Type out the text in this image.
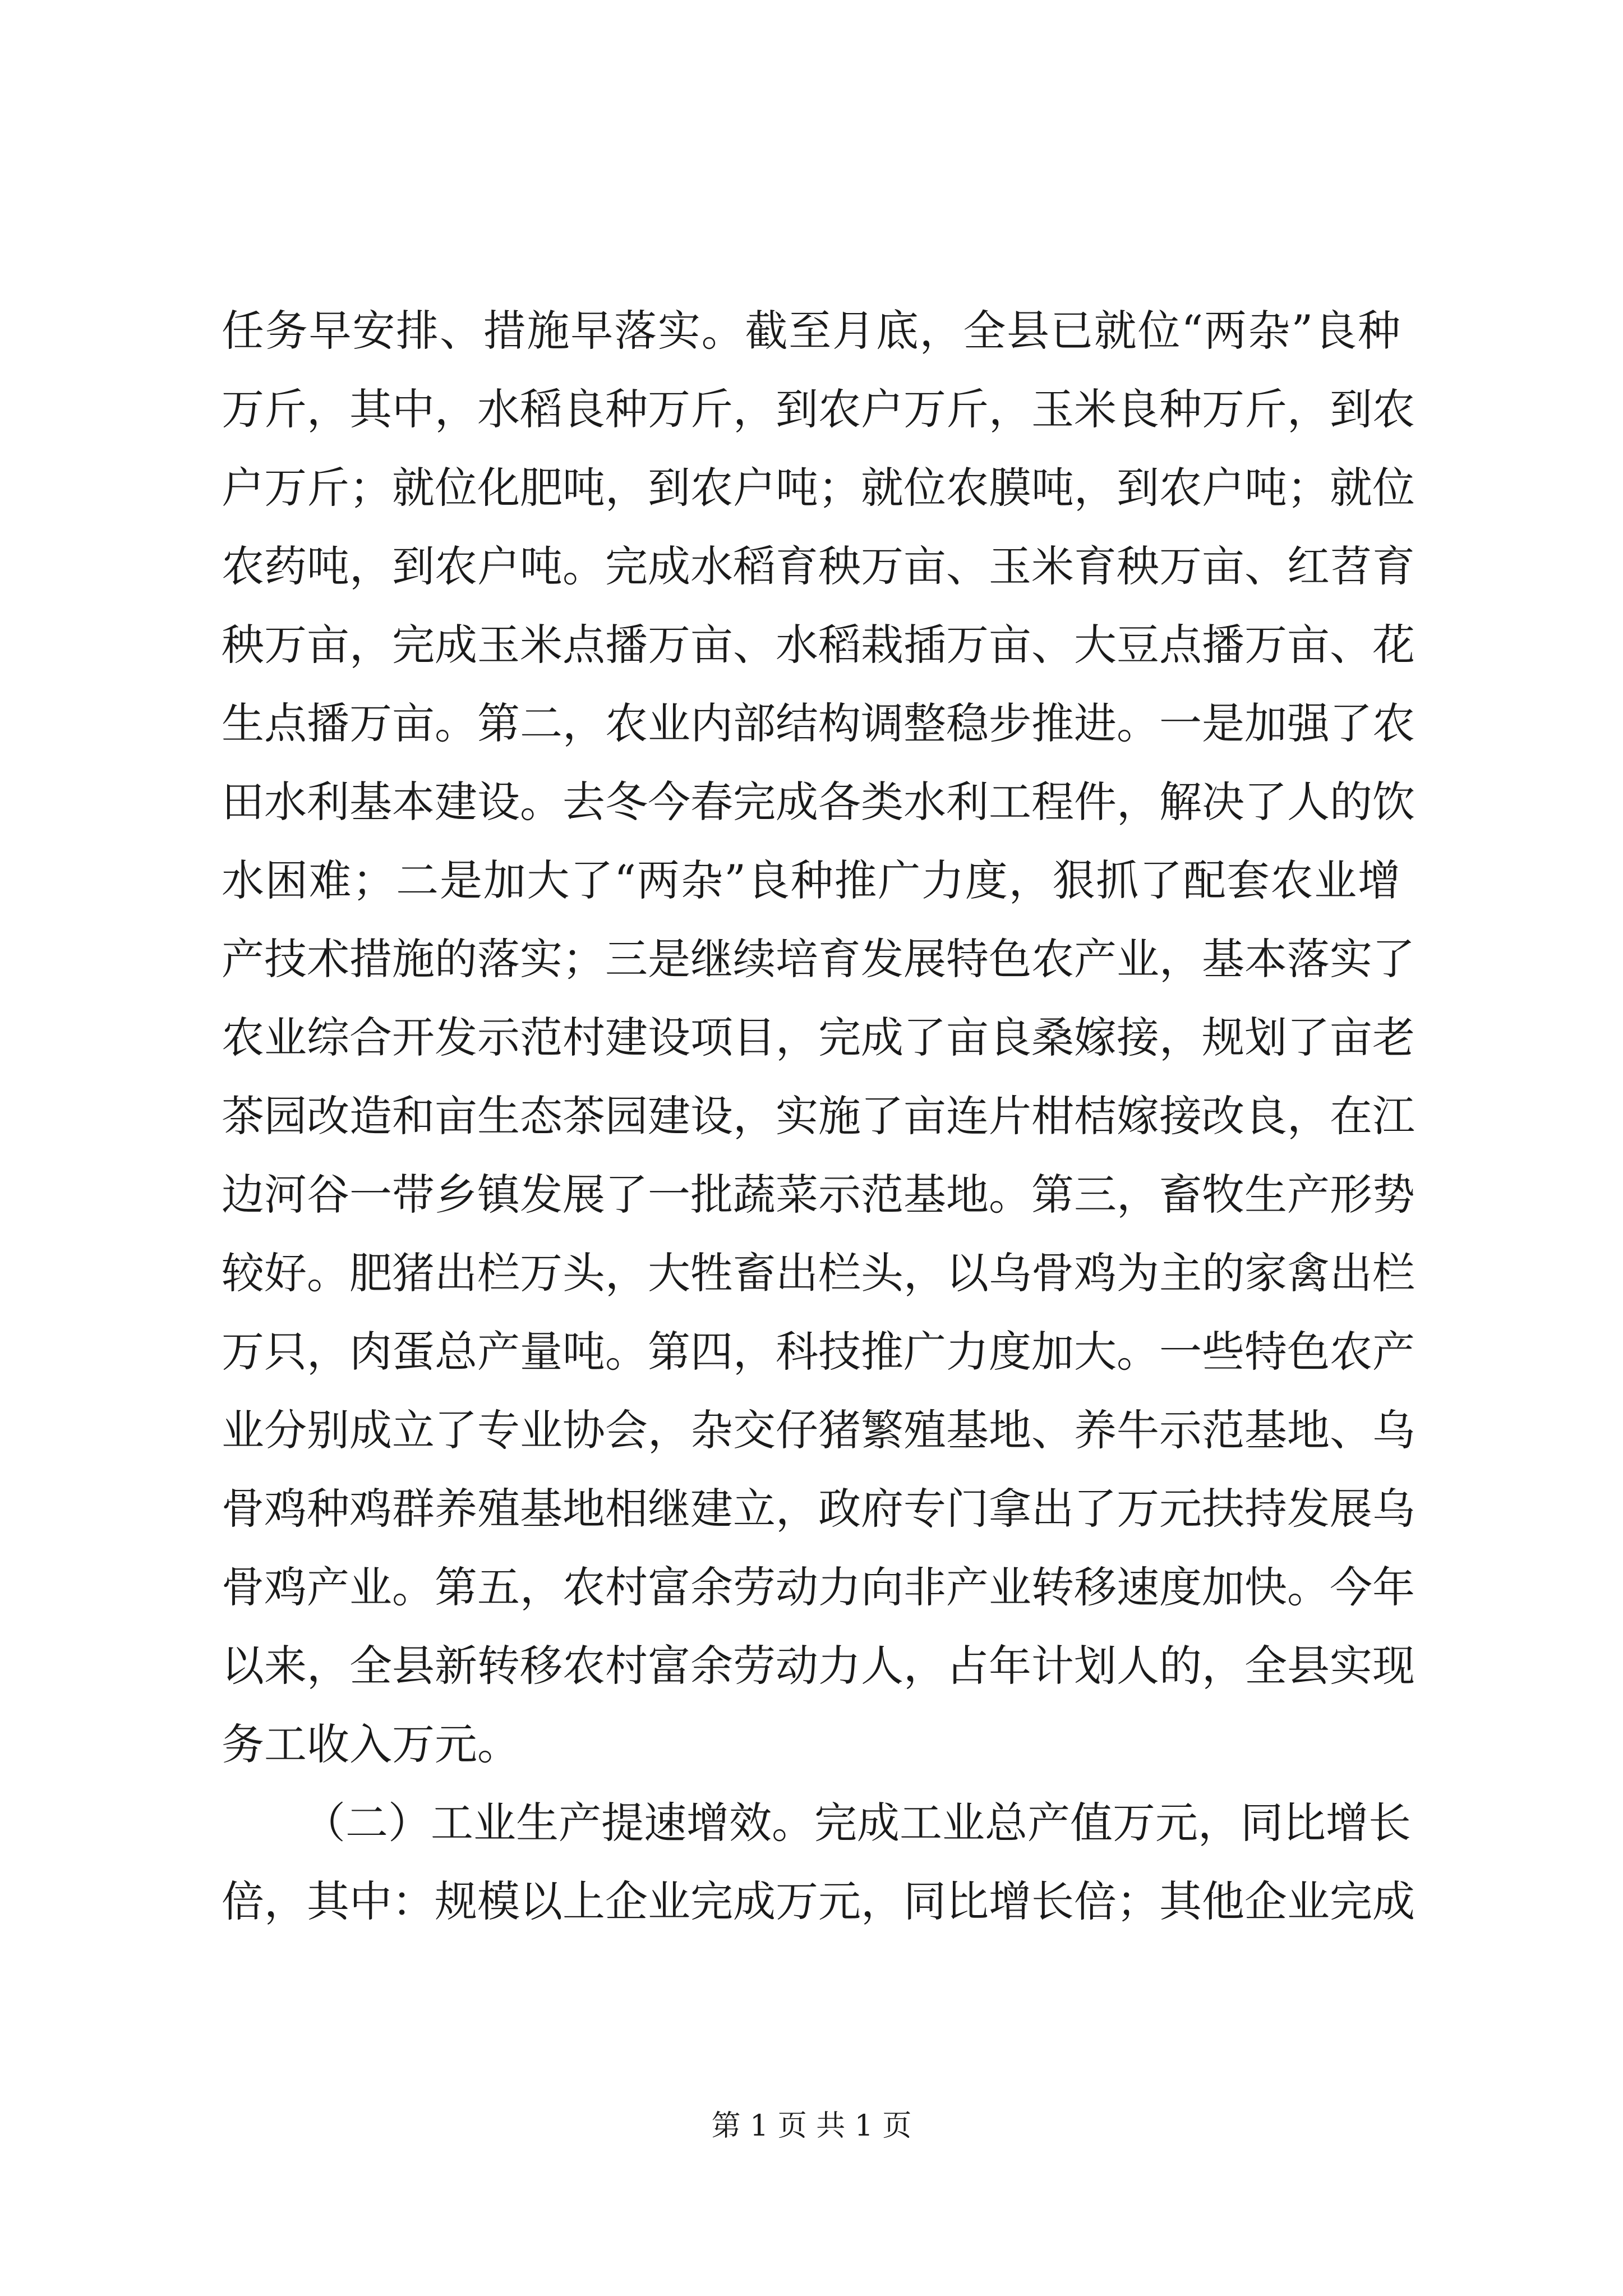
任务早安排、措施早落实。截至月底，全县已就位“两杂”良种

万斤，其中，水稻良种万斤，到农户万斤，玉米良种万斤，到农

户万斤；就位化肥吨，到农户吨；就位农膜吨，到农户吨；就位

农药吨，到农户吨。完成水稻育秧万亩、玉米育秧万亩、红苕育

秧万亩，完成玉米点播万亩、水稻栽插万亩、大豆点播万亩、花

生点播万亩。第二，农业内部结构调整稳步推进。一是加强了农

田水利基本建设。去冬今春完成各类水利工程件，解决了人的饮

水困难；二是加大了“两杂”良种推广力度，狠抓了配套农业增

产技术措施的落实；三是继续培育发展特色农产业，基本落实了

农业综合开发示范村建设项目，完成了亩良桑嫁接，规划了亩老

茶园改造和亩生态茶园建设，实施了亩连片柑桔嫁接改良，在江

边河谷一带乡镇发展了一批蔬菜示范基地。第三，畜牧生产形势

较好。肥猪出栏万头，大牲畜出栏头，以乌骨鸡为主的家禽出栏

万只，肉蛋总产量吨。第四，科技推广力度加大。一些特色农产

业分别成立了专业协会，杂交仔猪繁殖基地、养牛示范基地、乌

骨鸡种鸡群养殖基地相继建立，政府专门拿出了万元扶持发展乌

骨鸡产业。第五，农村富余劳动力向非产业转移速度加快。今年

以来，全县新转移农村富余劳动力人，占年计划人的，全县实现

务工收入万元。

（二）工业生产提速增效。完成工业总产值万元，同比增长

倍，其中：规模以上企业完成万元，同比增长倍；其他企业完成

第 1 页 共 1 页
